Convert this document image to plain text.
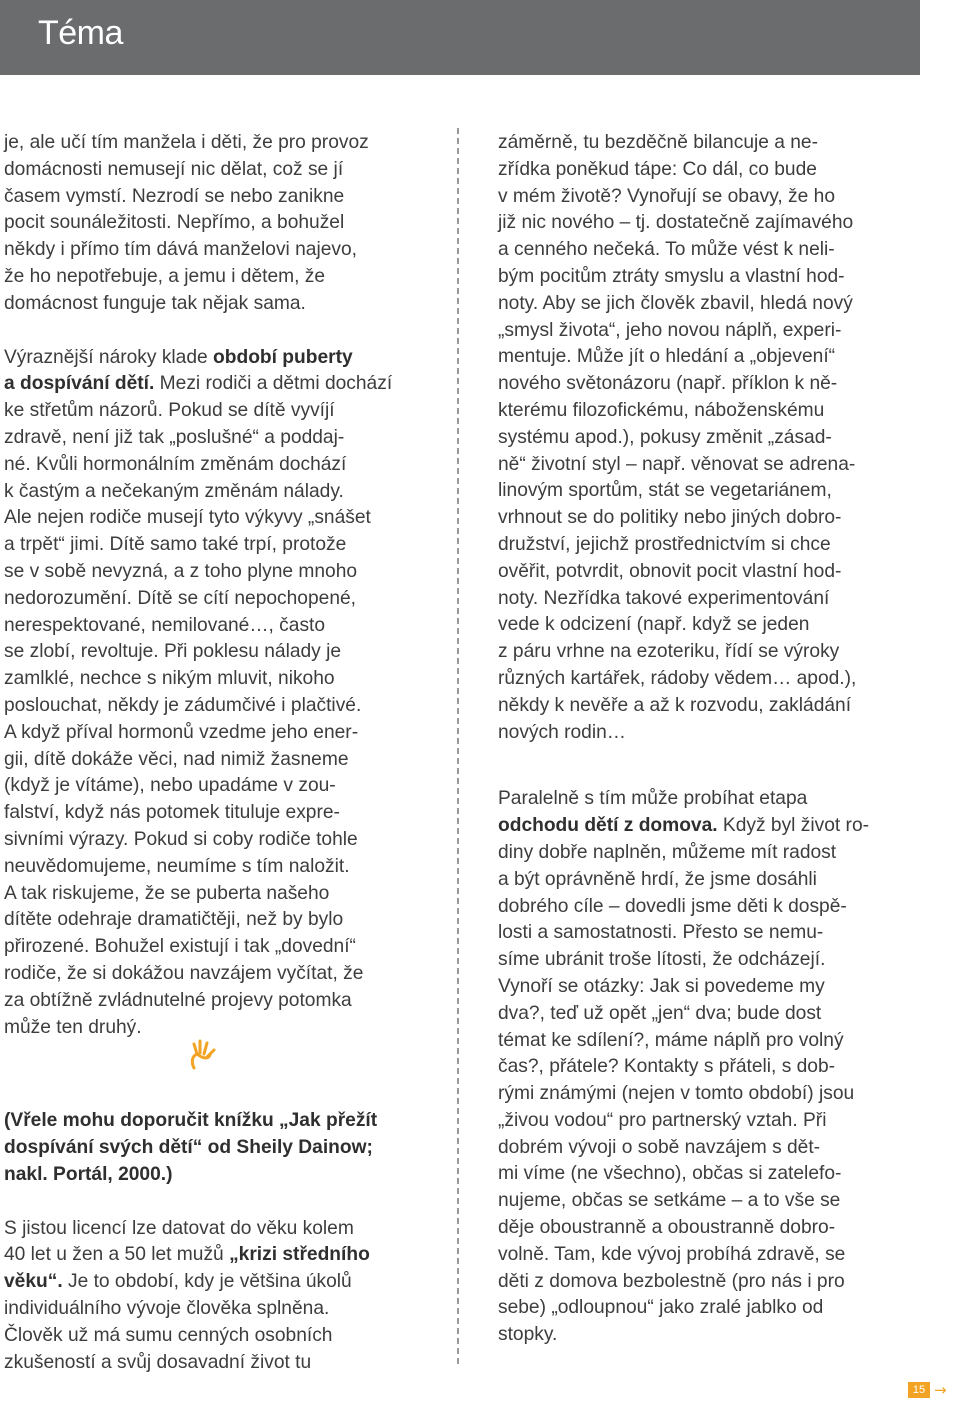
Téma

je, ale učí tím manžela i děti, že pro provoz

domácnosti nemusejí nic dělat, což se jí

časem vymstí. Nezrodí se nebo zanikne

pocit sounáležitosti. Nepřímo, a bohužel

někdy i přímo tím dává manželovi najevo,

že ho nepotřebuje, a jemu i dětem, že

domácnost funguje tak nějak sama.

Výraznější nároky klade období puberty

a dospívání dětí. Mezi rodiči a dětmi dochází

ke střetům názorů. Pokud se dítě vyvíjí

zdravě, není již tak „poslušné“ a poddaj-

né. Kvůli hormonálním změnám dochází

k častým a nečekaným změnám nálady.

Ale nejen rodiče musejí tyto výkyvy „snášet

a trpět“ jimi. Dítě samo také trpí, protože

se v sobě nevyzná, a z toho plyne mnoho

nedorozumění. Dítě se cítí nepochopené,

nerespektované, nemilované…, často

se zlobí, revoltuje. Při poklesu nálady je

zamlklé, nechce s nikým mluvit, nikoho

poslouchat, někdy je zádumčivé i plačtivé.

A když příval hormonů vzedme jeho ener-

gii, dítě dokáže věci, nad nimiž žasneme

(když je vítáme), nebo upadáme v zou-

falství, když nás potomek tituluje expre-

sivními výrazy. Pokud si coby rodiče tohle

neuvědomujeme, neumíme s tím naložit.

A tak riskujeme, že se puberta našeho

dítěte odehraje dramatičtěji, než by bylo

přirozené. Bohužel existují i tak „dovední“

rodiče, že si dokážou navzájem vyčítat, že

za obtížně zvládnutelné projevy potomka

může ten druhý.

(Vřele mohu doporučit knížku „Jak přežít

dospívání svých dětí“ od Sheily Dainow;

nakl. Portál, 2000.)

S jistou licencí lze datovat do věku kolem

40 let u žen a 50 let mužů „krizi středního

věku“. Je to období, kdy je většina úkolů

individuálního vývoje člověka splněna.

Člověk už má sumu cenných osobních

zkušeností a svůj dosavadní život tu

záměrně, tu bezděčně bilancuje a ne-

zřídka poněkud tápe: Co dál, co bude

v mém životě? Vynořují se obavy, že ho

již nic nového – tj. dostatečně zajímavého

a cenného nečeká. To může vést k neli-

bým pocitům ztráty smyslu a vlastní hod-

noty. Aby se jich člověk zbavil, hledá nový

„smysl života“, jeho novou náplň, experi-

mentuje. Může jít o hledání a „objevení“

nového světonázoru (např. příklon k ně-

kterému filozofickému, náboženskému

systému apod.), pokusy změnit „zásad-

ně“ životní styl – např. věnovat se adrena-

linovým sportům, stát se vegetariánem,

vrhnout se do politiky nebo jiných dobro-

družství, jejichž prostřednictvím si chce

ověřit, potvrdit, obnovit pocit vlastní hod-

noty. Nezřídka takové experimentování

vede k odcizení (např. když se jeden

z páru vrhne na ezoteriku, řídí se výroky

různých kartářek, rádoby vědem… apod.),

někdy k nevěře a až k rozvodu, zakládání

nových rodin…

Paralelně s tím může probíhat etapa

odchodu dětí z domova. Když byl život ro-

diny dobře naplněn, můžeme mít radost

a být oprávněně hrdí, že jsme dosáhli

dobrého cíle – dovedli jsme děti k dospě-

losti a samostatnosti. Přesto se nemu-

síme ubránit troše lítosti, že odcházejí.

Vynoří se otázky: Jak si povedeme my

dva?, teď už opět „jen“ dva; bude dost

témat ke sdílení?, máme náplň pro volný

čas?, přátele? Kontakty s přáteli, s dob-

rými známými (nejen v tomto období) jsou

„živou vodou“ pro partnerský vztah. Při

dobrém vývoji o sobě navzájem s dět-

mi víme (ne všechno), občas si zatelefo-

nujeme, občas se setkáme – a to vše se

děje oboustranně a oboustranně dobro-

volně. Tam, kde vývoj probíhá zdravě, se

děti z domova bezbolestně (pro nás i pro

sebe) „odloupnou“ jako zralé jablko od

stopky.

15 →
